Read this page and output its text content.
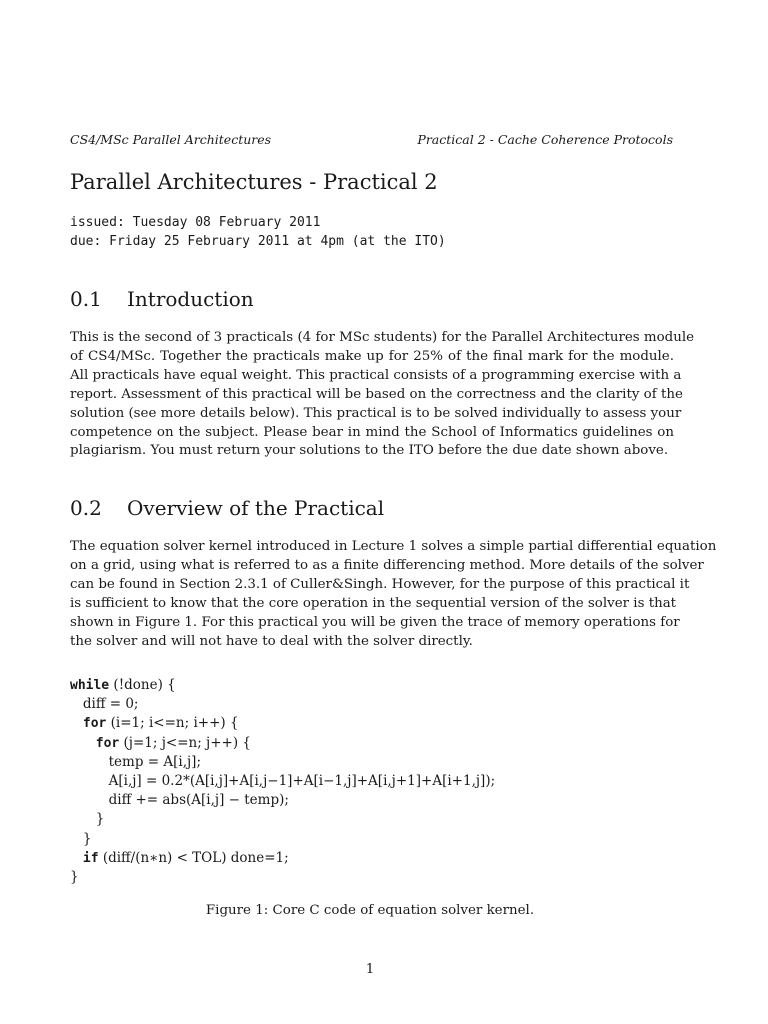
CS4/MSc Parallel Architectures	Practical 2 - Cache Coherence Protocols
Parallel Architectures - Practical 2
issued: Tuesday 08 February 2011
due: Friday 25 February 2011 at 4pm (at the ITO)
0.1 Introduction
This is the second of 3 practicals (4 for MSc students) for the Parallel Architectures module
of CS4/MSc. Together the practicals make up for 25% of the final mark for the module.
All practicals have equal weight. This practical consists of a programming exercise with a
report. Assessment of this practical will be based on the correctness and the clarity of the
solution (see more details below). This practical is to be solved individually to assess your
competence on the subject. Please bear in mind the School of Informatics guidelines on
plagiarism. You must return your solutions to the ITO before the due date shown above.
0.2 Overview of the Practical
The equation solver kernel introduced in Lecture 1 solves a simple partial differential equation
on a grid, using what is referred to as a finite differencing method. More details of the solver
can be found in Section 2.3.1 of Culler&Singh. However, for the purpose of this practical it
is sufficient to know that the core operation in the sequential version of the solver is that
shown in Figure 1. For this practical you will be given the trace of memory operations for
the solver and will not have to deal with the solver directly.
while (!done) {
diff = 0;
for (i=1; i<=n; i++) {
for (j=1; j<=n; j++) {
temp = A[i,j];
A[i,j] = 0.2*(A[i,j]+A[i,j−1]+A[i−1,j]+A[i,j+1]+A[i+1,j]);
diff += abs(A[i,j] − temp);
}
}
if (diff/(n∗n) < TOL) done=1;
}
Figure 1: Core C code of equation solver kernel.
1
